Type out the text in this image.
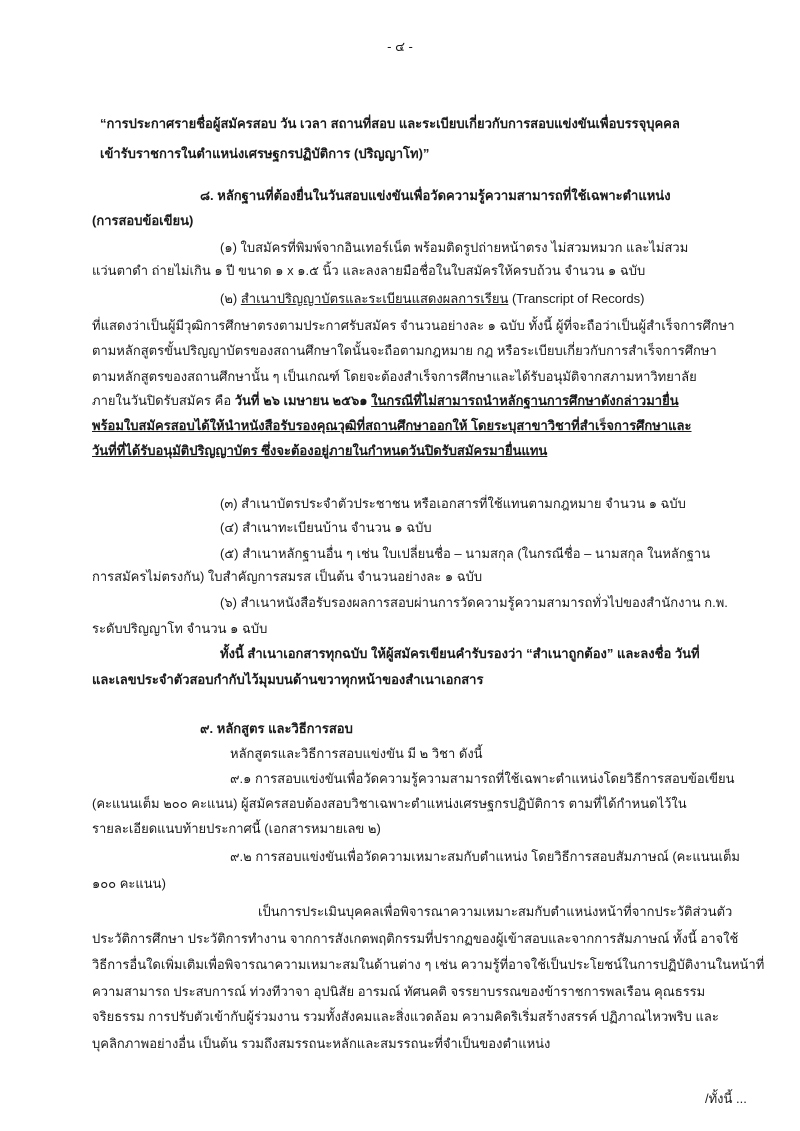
- ๔ -
“การประกาศรายชื่อผู้สมัครสอบ วัน เวลา สถานที่สอบ และระเบียบเกี่ยวกับการสอบแข่งขันเพื่อบรรจุบุคคล
เข้ารับราชการในตำแหน่งเศรษฐกรปฏิบัติการ (ปริญญาโท)”
๘. หลักฐานที่ต้องยื่นในวันสอบแข่งขันเพื่อวัดความรู้ความสามารถที่ใช้เฉพาะตำแหน่ง
(การสอบข้อเขียน)
(๑) ใบสมัครที่พิมพ์จากอินเทอร์เน็ต พร้อมติดรูปถ่ายหน้าตรง ไม่สวมหมวก และไม่สวม
แว่นตาดำ ถ่ายไม่เกิน ๑ ปี ขนาด ๑ x ๑.๕ นิ้ว และลงลายมือชื่อในใบสมัครให้ครบถ้วน จำนวน ๑ ฉบับ
(๒) สำเนาปริญญาบัตรและระเบียนแสดงผลการเรียน (Transcript of Records)
ที่แสดงว่าเป็นผู้มีวุฒิการศึกษาตรงตามประกาศรับสมัคร จำนวนอย่างละ ๑ ฉบับ ทั้งนี้ ผู้ที่จะถือว่าเป็นผู้สำเร็จการศึกษา
ตามหลักสูตรขั้นปริญญาบัตรของสถานศึกษาใดนั้นจะถือตามกฎหมาย กฎ หรือระเบียบเกี่ยวกับการสำเร็จการศึกษา
ตามหลักสูตรของสถานศึกษานั้น ๆ เป็นเกณฑ์ โดยจะต้องสำเร็จการศึกษาและได้รับอนุมัติจากสภามหาวิทยาลัย
ภายในวันปิดรับสมัคร คือ วันที่ ๒๖ เมษายน ๒๕๖๑ ในกรณีที่ไม่สามารถนำหลักฐานการศึกษาดังกล่าวมายื่น
พร้อมใบสมัครสอบได้ให้นำหนังสือรับรองคุณวุฒิที่สถานศึกษาออกให้ โดยระบุสาขาวิชาที่สำเร็จการศึกษาและ
วันที่ที่ได้รับอนุมัติปริญญาบัตร ซึ่งจะต้องอยู่ภายในกำหนดวันปิดรับสมัครมายื่นแทน
(๓) สำเนาบัตรประจำตัวประชาชน หรือเอกสารที่ใช้แทนตามกฎหมาย จำนวน ๑ ฉบับ
(๔) สำเนาทะเบียนบ้าน จำนวน ๑ ฉบับ
(๕) สำเนาหลักฐานอื่น ๆ เช่น ใบเปลี่ยนชื่อ – นามสกุล (ในกรณีชื่อ – นามสกุล ในหลักฐาน
การสมัครไม่ตรงกัน) ใบสำคัญการสมรส เป็นต้น จำนวนอย่างละ ๑ ฉบับ
(๖) สำเนาหนังสือรับรองผลการสอบผ่านการวัดความรู้ความสามารถทั่วไปของสำนักงาน ก.พ.
ระดับปริญญาโท จำนวน ๑ ฉบับ
ทั้งนี้ สำเนาเอกสารทุกฉบับ ให้ผู้สมัครเขียนคำรับรองว่า “สำเนาถูกต้อง” และลงชื่อ วันที่
และเลขประจำตัวสอบกำกับไว้มุมบนด้านขวาทุกหน้าของสำเนาเอกสาร
๙. หลักสูตร และวิธีการสอบ
หลักสูตรและวิธีการสอบแข่งขัน มี ๒ วิชา ดังนี้
๙.๑ การสอบแข่งขันเพื่อวัดความรู้ความสามารถที่ใช้เฉพาะตำแหน่งโดยวิธีการสอบข้อเขียน
(คะแนนเต็ม ๒๐๐ คะแนน) ผู้สมัครสอบต้องสอบวิชาเฉพาะตำแหน่งเศรษฐกรปฏิบัติการ ตามที่ได้กำหนดไว้ใน
รายละเอียดแนบท้ายประกาศนี้ (เอกสารหมายเลข ๒)
๙.๒ การสอบแข่งขันเพื่อวัดความเหมาะสมกับตำแหน่ง โดยวิธีการสอบสัมภาษณ์ (คะแนนเต็ม
๑๐๐ คะแนน)
เป็นการประเมินบุคคลเพื่อพิจารณาความเหมาะสมกับตำแหน่งหน้าที่จากประวัติส่วนตัว
ประวัติการศึกษา ประวัติการทำงาน จากการสังเกตพฤติกรรมที่ปรากฏของผู้เข้าสอบและจากการสัมภาษณ์ ทั้งนี้ อาจใช้
วิธีการอื่นใดเพิ่มเติมเพื่อพิจารณาความเหมาะสมในด้านต่าง ๆ เช่น ความรู้ที่อาจใช้เป็นประโยชน์ในการปฏิบัติงานในหน้าที่
ความสามารถ ประสบการณ์ ท่วงทีวาจา อุปนิสัย อารมณ์ ทัศนคติ จรรยาบรรณของข้าราชการพลเรือน คุณธรรม
จริยธรรม การปรับตัวเข้ากับผู้ร่วมงาน รวมทั้งสังคมและสิ่งแวดล้อม ความคิดริเริ่มสร้างสรรค์ ปฏิภาณไหวพริบ และ
บุคลิกภาพอย่างอื่น เป็นต้น รวมถึงสมรรถนะหลักและสมรรถนะที่จำเป็นของตำแหน่ง
/ทั้งนี้ ...
